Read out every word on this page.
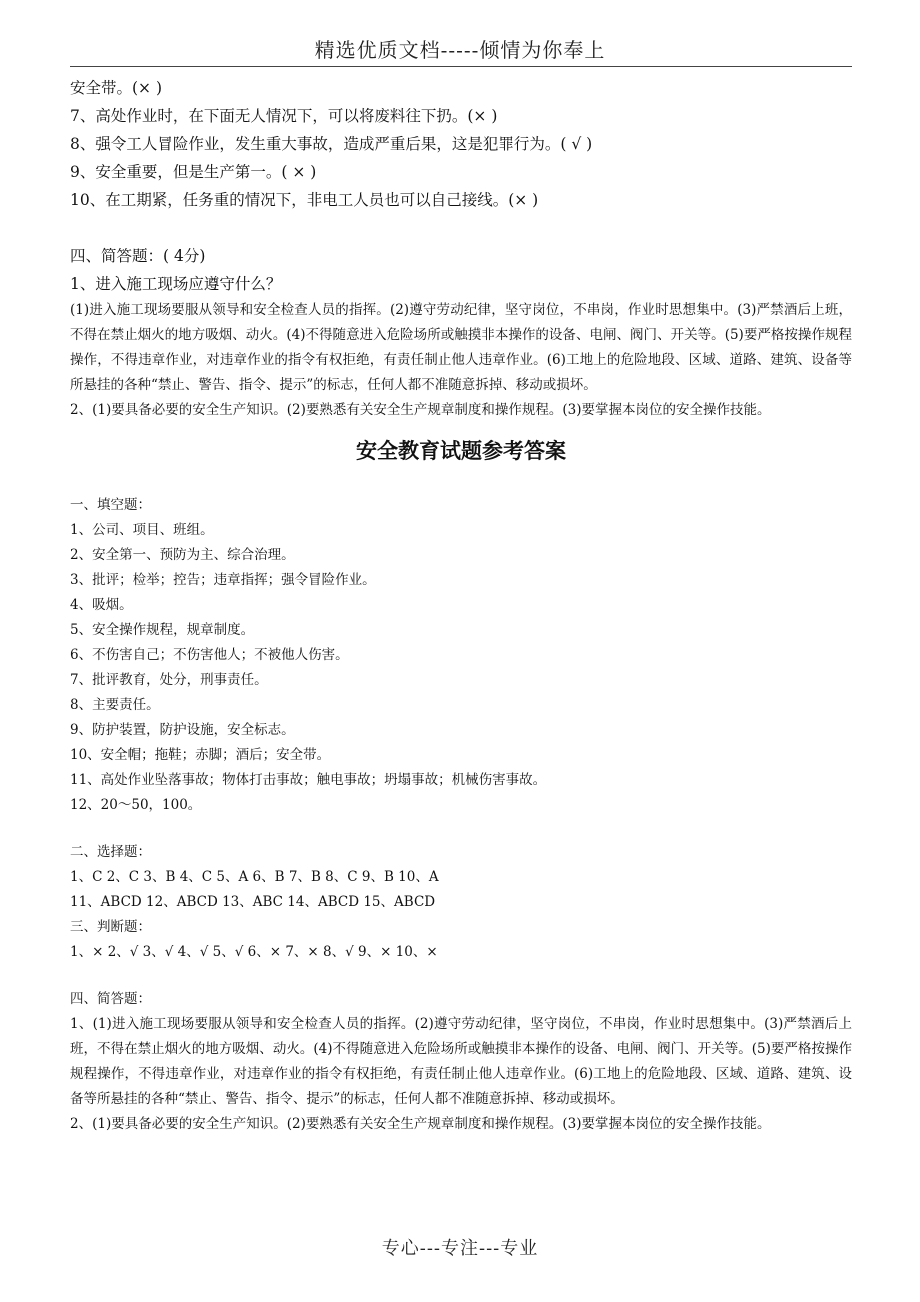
精选优质文档-----倾情为你奉上
安全带。(× )
7、高处作业时，在下面无人情况下，可以将废料往下扔。(× )
8、强令工人冒险作业，发生重大事故，造成严重后果，这是犯罪行为。( √ )
9、安全重要，但是生产第一。( × )
10、在工期紧，任务重的情况下，非电工人员也可以自己接线。(× )
四、简答题：( 4分)
1、进入施工现场应遵守什么？
(1)进入施工现场要服从领导和安全检查人员的指挥。(2)遵守劳动纪律，坚守岗位，不串岗，作业时思想集中。(3)严禁酒后上班，不得在禁止烟火的地方吸烟、动火。(4)不得随意进入危险场所或触摸非本操作的设备、电闸、阀门、开关等。(5)要严格按操作规程操作，不得违章作业，对违章作业的指令有权拒绝，有责任制止他人违章作业。(6)工地上的危险地段、区域、道路、建筑、设备等所悬挂的各种“禁止、警告、指令、提示”的标志，任何人都不准随意拆掉、移动或损坏。
2、(1)要具备必要的安全生产知识。(2)要熟悉有关安全生产规章制度和操作规程。(3)要掌握本岗位的安全操作技能。
安全教育试题参考答案
一、填空题：
1、公司、项目、班组。
2、安全第一、预防为主、综合治理。
3、批评；检举；控告；违章指挥；强令冒险作业。
4、吸烟。
5、安全操作规程，规章制度。
6、不伤害自己；不伤害他人；不被他人伤害。
7、批评教育，处分，刑事责任。
8、主要责任。
9、防护装置，防护设施，安全标志。
10、安全帽；拖鞋；赤脚；酒后；安全带。
11、高处作业坠落事故；物体打击事故；触电事故；坍塌事故；机械伤害事故。
12、20～50，100。
二、选择题：
1、C 2、C 3、B 4、C 5、A 6、B 7、B 8、C 9、B 10、A
11、ABCD 12、ABCD 13、ABC 14、ABCD 15、ABCD
三、判断题：
1、× 2、√ 3、√ 4、√ 5、√ 6、× 7、× 8、√ 9、× 10、×
四、简答题：
1、(1)进入施工现场要服从领导和安全检查人员的指挥。(2)遵守劳动纪律，坚守岗位，不串岗，作业时思想集中。(3)严禁酒后上班，不得在禁止烟火的地方吸烟、动火。(4)不得随意进入危险场所或触摸非本操作的设备、电闸、阀门、开关等。(5)要严格按操作规程操作，不得违章作业，对违章作业的指令有权拒绝，有责任制止他人违章作业。(6)工地上的危险地段、区域、道路、建筑、设备等所悬挂的各种“禁止、警告、指令、提示”的标志，任何人都不准随意拆掉、移动或损坏。
2、(1)要具备必要的安全生产知识。(2)要熟悉有关安全生产规章制度和操作规程。(3)要掌握本岗位的安全操作技能。
专心---专注---专业
